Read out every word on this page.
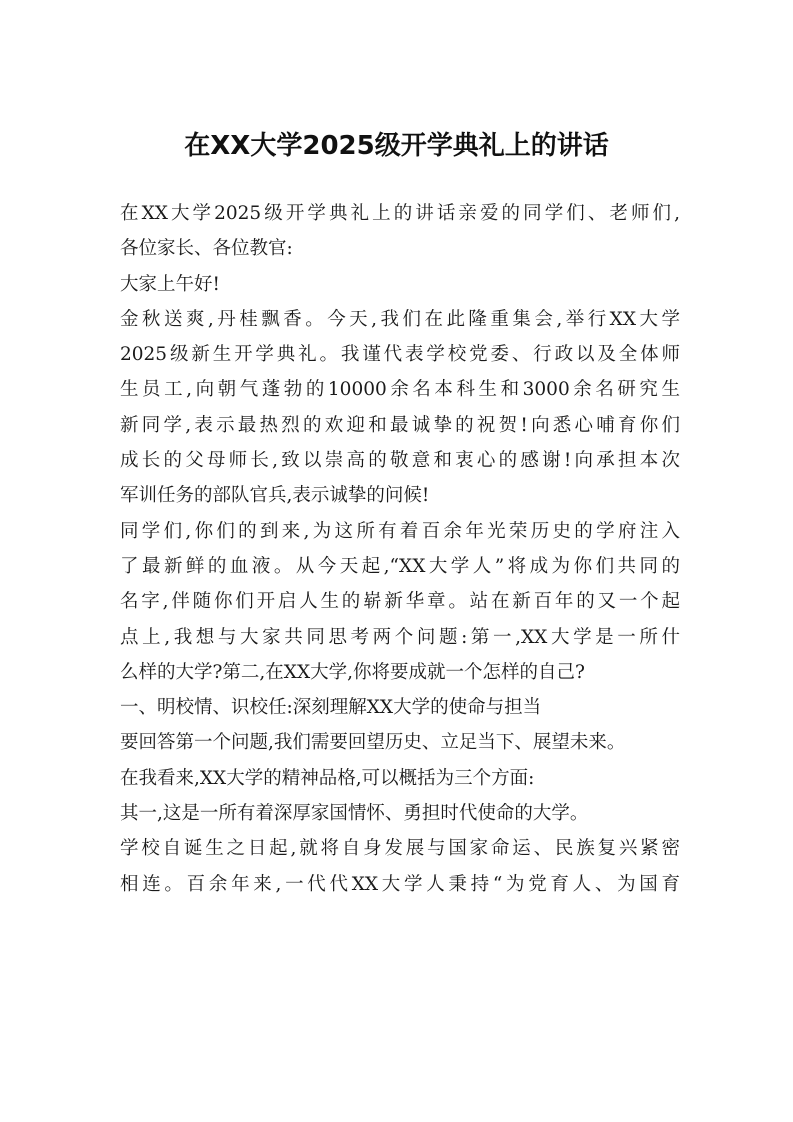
在XX大学2025级开学典礼上的讲话

在XX大学2025级开学典礼上的讲话亲爱的同学们、老师们,

各位家长、各位教官:

大家上午好!

金秋送爽,丹桂飘香。今天,我们在此隆重集会,举行XX大学

2025级新生开学典礼。我谨代表学校党委、行政以及全体师

生员工,向朝气蓬勃的10000余名本科生和3000余名研究生

新同学,表示最热烈的欢迎和最诚挚的祝贺!向悉心哺育你们

成长的父母师长,致以崇高的敬意和衷心的感谢!向承担本次

军训任务的部队官兵,表示诚挚的问候!

同学们,你们的到来,为这所有着百余年光荣历史的学府注入

了最新鲜的血液。从今天起,“XX大学人”将成为你们共同的

名字,伴随你们开启人生的崭新华章。站在新百年的又一个起

点上,我想与大家共同思考两个问题:第一,XX大学是一所什

么样的大学?第二,在XX大学,你将要成就一个怎样的自己?

一、明校情、识校任:深刻理解XX大学的使命与担当

要回答第一个问题,我们需要回望历史、立足当下、展望未来。

在我看来,XX大学的精神品格,可以概括为三个方面:

其一,这是一所有着深厚家国情怀、勇担时代使命的大学。

学校自诞生之日起,就将自身发展与国家命运、民族复兴紧密

相连。百余年来,一代代XX大学人秉持“为党育人、为国育
